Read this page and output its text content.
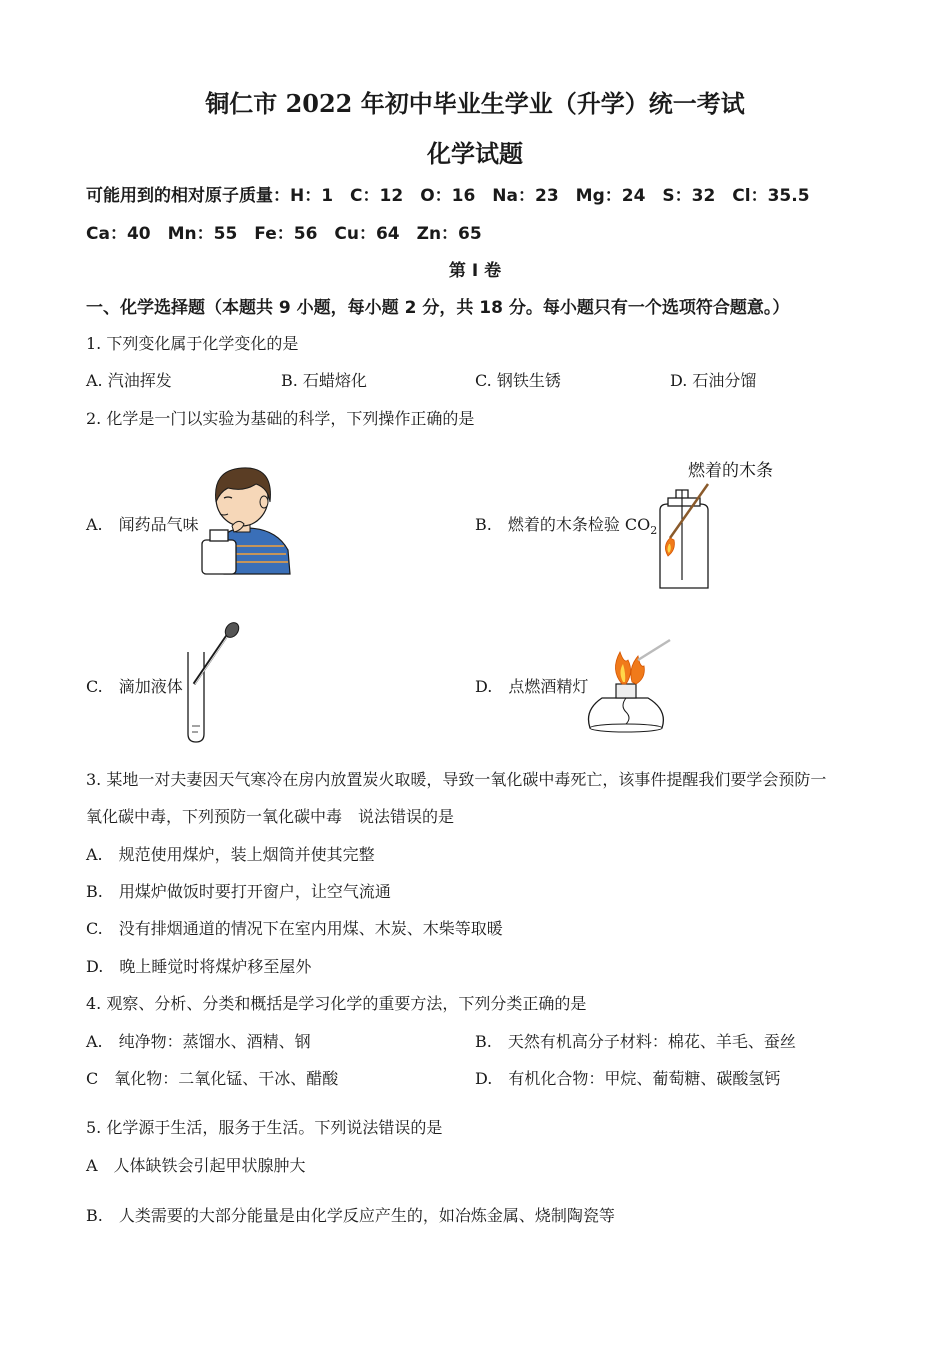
铜仁市 2022 年初中毕业生学业（升学）统一考试
化学试题
可能用到的相对原子质量：H：1　C：12　O：16　Na：23　Mg：24　S：32　Cl：35.5
Ca：40　Mn：55　Fe：56　Cu：64　Zn：65
第 I 卷
一、化学选择题（本题共 9 小题，每小题 2 分，共 18 分。每小题只有一个选项符合题意。）
1. 下列变化属于化学变化的是
A. 汽油挥发	B. 石蜡熔化	C. 钢铁生锈	D. 石油分馏
2. 化学是一门以实验为基础的科学，下列操作正确的是
A.　闻药品气味
燃着的木条
B.　燃着的木条检验 $CO_2$
C.　滴加液体	D.　点燃酒精灯
3. 某地一对夫妻因天气寒冷在房内放置炭火取暖，导致一氧化碳中毒死亡，该事件提醒我们要学会预防一
氧化碳中毒，下列预防一氧化碳中毒　说法错误的是
A.　规范使用煤炉，装上烟筒并使其完整
B.　用煤炉做饭时要打开窗户，让空气流通
C.　没有排烟通道的情况下在室内用煤、木炭、木柴等取暖
D.　晚上睡觉时将煤炉移至屋外
4. 观察、分析、分类和概括是学习化学的重要方法，下列分类正确的是
A.　纯净物：蒸馏水、酒精、钢	B.　天然有机高分子材料：棉花、羊毛、蚕丝
C　氧化物：二氧化锰、干冰、醋酸	D.　有机化合物：甲烷、葡萄糖、碳酸氢钙
5. 化学源于生活，服务于生活。下列说法错误的是
A　人体缺铁会引起甲状腺肿大
B.　人类需要的大部分能量是由化学反应产生的，如冶炼金属、烧制陶瓷等
